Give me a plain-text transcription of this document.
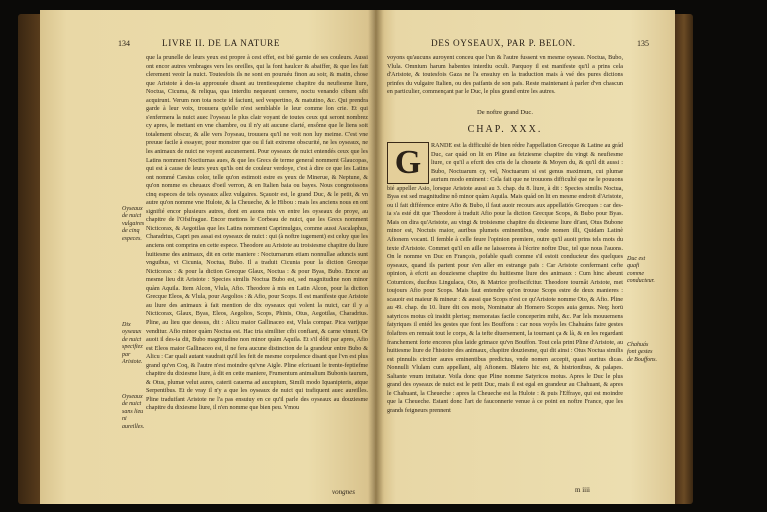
134	LIVRE II. DE LA NATURE

que la prunelle de leurs yeux est propre à cest effet, est bié garnie de ses couleurs. Aussi ont encor autres vmbrages vers les oreilles, qui la font haulcer & abaiffer, & que les fait clerement veoir la nuict. Toutesfois ils ne sont en pouruéu finon au soir, & matin, chose que Aristote à des-ia approuuée disant au trentiesquieme chapitre du neufiesme liure, Noctua, Cicuma, & reliqua, qua interdiu nequeunt cernere, noctu venando cibum sibi acquirunt. Verum non tota nocte id faciunt, sed vespertino, & matutino, &c. Qui prendra garde à leur voix, trouuera qu'elle n'est semblable le leur comme lon crie. Et qui s'enfermera la nuict auec l'oyseau le plus clair voyant de toutes ceux qui seront nombrez cy apres, le mettant en vne chambre, ou il n'y ait aucune clarté, ensôme que le liens soit totalement obscur, & alle vers l'oyseau, trouuera qu'il ne voit non luy meime. C'est vne preuue facile à essayer, pour monstrer que ou il fait extreme obscurité, ne les oyseaux, ne les animaux de nuict ne voyent aucunement. Pour oyseaux de nuict entendés ceux que les Latins nomment Noctiurnas aues, & que les Grecs de terme general nomment Glaucopas, qui est à cause de leurs yeux qu'ils ont de couleur verdoye, c'est à dire ce que les Latins ont nommé Cæsius color, telle qu'on estimoit estre es yeux de Minerue, & Neptune, & qu'on nomme es cheuaux d'oeil verron, & en Italien baia ou bayes. Nous congnoissons cinq especes de tels oyseaux allez vulgaires. Sçauoir est, le grand Duc, & le petit, & vn autre qu'on nomme vne Hulote, & la Cheueche, & le Hibou : mais les anciens nous en ont signifié encor plusieurs autres, dont en auons mis vn entre les oyseaux de proye, au chapitre de l'Ofsifrague. Encor mettons le Corbeau de nuict, que les Grecs nomment Nicticorax, & Aegotilas que les Latins nomment Caprimulgus, comme aussi Ascalaphus, Charadrius, Capri pes assai est oyseaux de nuict : qui (à noftre iugement) est celuy que les anciens ont comprins en cette espece. Theodore au Aristote au troisiesme chapitre du liure huitiesme des animaux, dit en cette maniere : Nocturnarum etiam nonnullae aduncis sunt vnguibus, vt Cicunia, Noctua, Bubo. Il a traduit Cicunia pour la diction Grecque Nicticorax : & pour la diction Grecque Glaux, Noctua : & pour Byas, Bubo. Encor au mesme lieu dit Aristote : Species similis Noctua Bubo est, sed magnitudine non minor quàm Aquila. Item Alcon, Vlula, Afio. Theodore à mis en Latin Alcon, pour la diction Grecque Eleos, & Vlula, pour Aegolios : & Afio, pour Scops. Il est manifeste que Aristote au liure des animaux à fait mention de dix oyseaux qui volent la nuict, car il y a Nicticorax, Glaux, Byas, Eleos, Aegolios, Scops, Phinis, Otus, Aegotilas, Charadrius. Pline, au lieu que dessus, dit : Alicu maior Gallinaceo est, Vlula compar. Pica varijque venditur. Afio minor quàm Noctua est. Hac tria similiter cibi confiant, & carne vinunt. Or auoit il des-ia dit, Bubo magnitudine non minor quàm Aquila. Et s'il dôit par apres, Afio est Eleos maior Gallinaceo est, il ne fera aucune distinction de la grandeur entre Bubo & Alicu : Car quali autant vaudrait qu'il les feit de mesme corpulence disant que l'vn est plus grand qu'vn Coq, & l'autre n'est moindre qu'vne Aigle. Pline efcriuant le trente-feptiefme chapitre du dixiesme liure, à dit en cette maniere, Frumentum animalium Bubonis taurum, & Otus, plumæ velut aures, caterii cauerna ad aucupium, Simili modo Iquanipteris, atque Serpentibus. Et de vray il n'y a que les oyseaux de nuict qui trafiquent auec aureilles. Pline traduifant Aristote ne l'a pas ensuiuy en ce qu'il parle des oyseaux au douziesme chapitre du dixiesme liure, il n'en nomme que bien peu. Vmou

Oyseaux de nuict vulgaires de cinq especes.
Dix oyseaux de nuict specifiez par Aristote.
Oyseaux de nuict sans lieu ni aureilles.
vongnes
DES OYSEAUX, PAR P. BELON.	135

voyons qu'aucuns auroyent conceu que l'un & l'autre fussent vn mesme oyseau. Noctua, Bubo, Vlula. Omnium harum habentes interdiu oculi. Parquoy il est manifeste qu'il a prins cela d'Aristote, & toutesfois Gaza ne l'a ensuiuy en la traduction mais à vsé des pures dictions prinfes du vulgaire Italien, ou des paifants de son païs. Reste maintenant à parler d'vn chascun en particulier, commençant par le Duc, le plus grand entre les autres.

De noftre grand Duc.
CHAP. XXX.
G	RANDE est la difficulté de bien rédre l'appellation Grecque & Latine au grád Duc, car quád on lit en Pline au feiziesme chapitre du vingt & neufiesme liure, ce qu'il a efcrit des cris de la chouete & Moyen du, & qu'il dit aussi : Bubo, Noctuarum cy, vel, Noctuarum si est genus maximum, cui plumæ aurium modo eminent : Cela fait que ne trouuons difficulté que ne le pouuons bié appeller Asio, lorsque Aristote aussi au 3. chap. du 8. liure, à dit : Species similis Noctua, Byas est sed magnitudine nô minor quàm Aquila. Mais quád on lit en mesme endroit d'Aristote, ou il fait différence entre Afio & Bubo, il faut auoir recours aux appellatiós Grecques : car des-ia s'a esté dit que Theodore à traduit Afio pour la diction Grecque Scops, & Bubo pour Byas. Mais on dira qu'Aristote, au vingt & troisiesme chapitre du dixiesme liure di'ant, Otus Bubone minor est, Noctuis maior, auribus plumeis eminentibus, vnde nomen illi, Quidam Latinè Afionem vocant. Il femble à celle feure l'opinion premiere, outre qu'il auoit prins tels mots du texte d'Aristote. Commet qu'il en aille ne laisserons à l'écrire noftre Duc, tel que nous l'auons. On le nomme vn Duc en François, pofable quafi comme s'il estoit conducteur des quelques oyseaux, quand ils partent pour s'en aller en estrange païs : Car Aristote confermant cefte opinion, à efcrit au douziesme chapitre du huitiesme liure des animaux : Cum hinc abeunt Coturnices, ducibus Lingulaca, Oto, & Matrice profiscifcitur. Theodore tournât Aristote, met toujours Afio pour Scops. Mais faut entendre qu'on trouue Scops estre de deux manieres : scauoir est maieur & mineur : & aussi que Scops n'est ce qu'Aristote nomme Oto, & Afio. Pline au 49. chap. du 10. liure dit ces mots, Nominatur ab Homero Scopes auia genus. Neq; horū satyricos motus cũ insidit plerisq; memoratas facile conceperim mihi, &c. Par lels mouuemens fatyriques il entéd les gestes que font les Bouffons : car nous voyôs les Chahuáns faire gestes folaftres en remuát tout le corps, & la tefte diuersement, la tournant ça & là, & en les regardant franchement forte encores plus laide grimace qu'vn Bouffon. Tout cela print Pline d'Aristote, au huitiesme liure de l'histoire des animaux, chapitre douziesme, qui dit ainsi : Otus Noctua similis est pinnulis circiter aures eminentibus predictus, vnde nomen accepit, quasi auritus dicas. Nonnulli Vlulam cum appellant, alij Afionem. Blatero hic est, & histrionibus, & palapes. Saltante vnum imitatur. Voila donc que Pline nomme Satyricos motus. Apres le Duc le plus grand des oyseaux de nuict est le petit Duc, mais il est egal en grandeur au Chahuant, & apres le Chahuant, la Cheueche : apres la Cheueche est la Hulote : & puis l'Effraye, qui est moindre que la Cheueche. Estant donc l'art de fauconnerie venue à ce point en noftre France, que les grands feigneurs prennent

Duc est quafi comme conducteur.
Chahuás font gestes de Bouffons.
m iiii
